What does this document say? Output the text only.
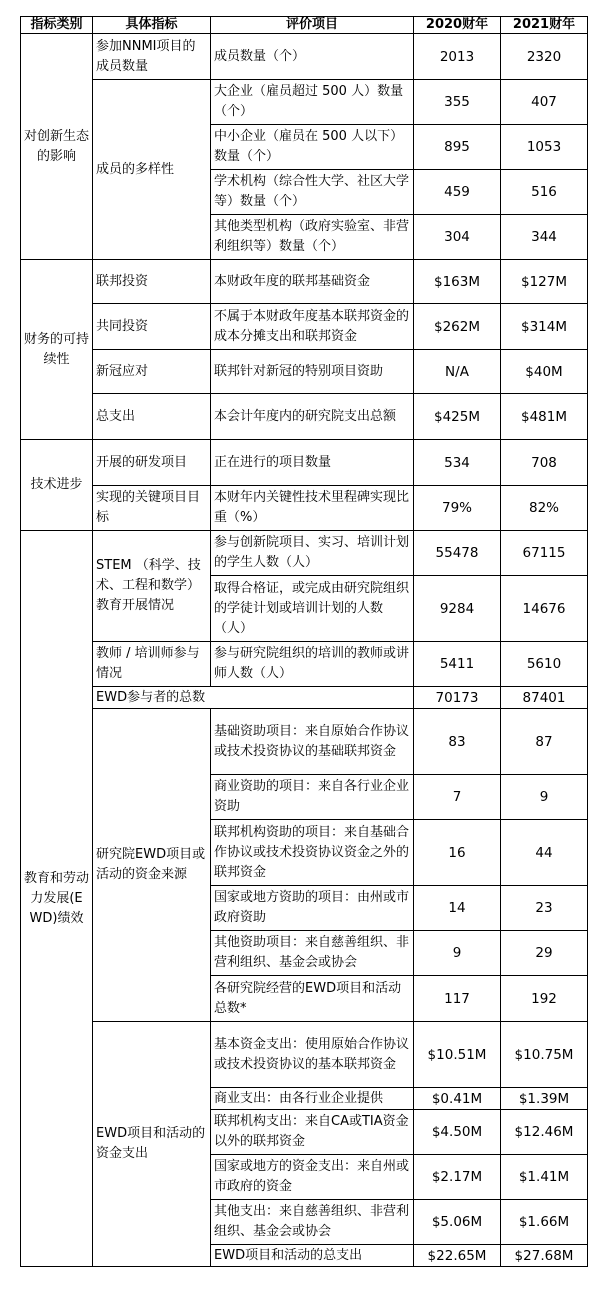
指标类别	具体指标	评价项目	2020财年	2021财年
对创新生态的影响	参加NNMI项目的成员数量	成员数量（个）	2013	2320
	成员的多样性	大企业（雇员超过 500 人）数量（个）	355	407
		中小企业（雇员在 500 人以下）数量（个）	895	1053
		学术机构（综合性大学、社区大学等）数量（个）	459	516
		其他类型机构（政府实验室、非营利组织等）数量（个）	304	344
财务的可持续性	联邦投资	本财政年度的联邦基础资金	$163M	$127M
	共同投资	不属于本财政年度基本联邦资金的成本分摊支出和联邦资金	$262M	$314M
	新冠应对	联邦针对新冠的特别项目资助	N/A	$40M
	总支出	本会计年度内的研究院支出总额	$425M	$481M
技术进步	开展的研发项目	正在进行的项目数量	534	708
	实现的关键项目目标	本财年内关键性技术里程碑实现比重（%）	79%	82%
教育和劳动力发展(EWD)绩效	STEM （科学、技术、工程和数学）教育开展情况	参与创新院项目、实习、培训计划的学生人数（人）	55478	67115
		取得合格证，或完成由研究院组织的学徒计划或培训计划的人数（人）	9284	14676
	教师 / 培训师参与情况	参与研究院组织的培训的教师或讲师人数（人）	5411	5610
	EWD参与者的总数		70173	87401
	研究院EWD项目或活动的资金来源	基础资助项目：来自原始合作协议或技术投资协议的基础联邦资金	83	87
		商业资助的项目：来自各行业企业资助	7	9
		联邦机构资助的项目：来自基础合作协议或技术投资协议资金之外的联邦资金	16	44
		国家或地方资助的项目：由州或市政府资助	14	23
		其他资助项目：来自慈善组织、非营利组织、基金会或协会	9	29
		各研究院经营的EWD项目和活动总数*	117	192
	EWD项目和活动的资金支出	基本资金支出：使用原始合作协议或技术投资协议的基本联邦资金	$10.51M	$10.75M
		商业支出：由各行业企业提供	$0.41M	$1.39M
		联邦机构支出：来自CA或TIA资金以外的联邦资金	$4.50M	$12.46M
		国家或地方的资金支出：来自州或市政府的资金	$2.17M	$1.41M
		其他支出：来自慈善组织、非营利组织、基金会或协会	$5.06M	$1.66M
		EWD项目和活动的总支出	$22.65M	$27.68M
